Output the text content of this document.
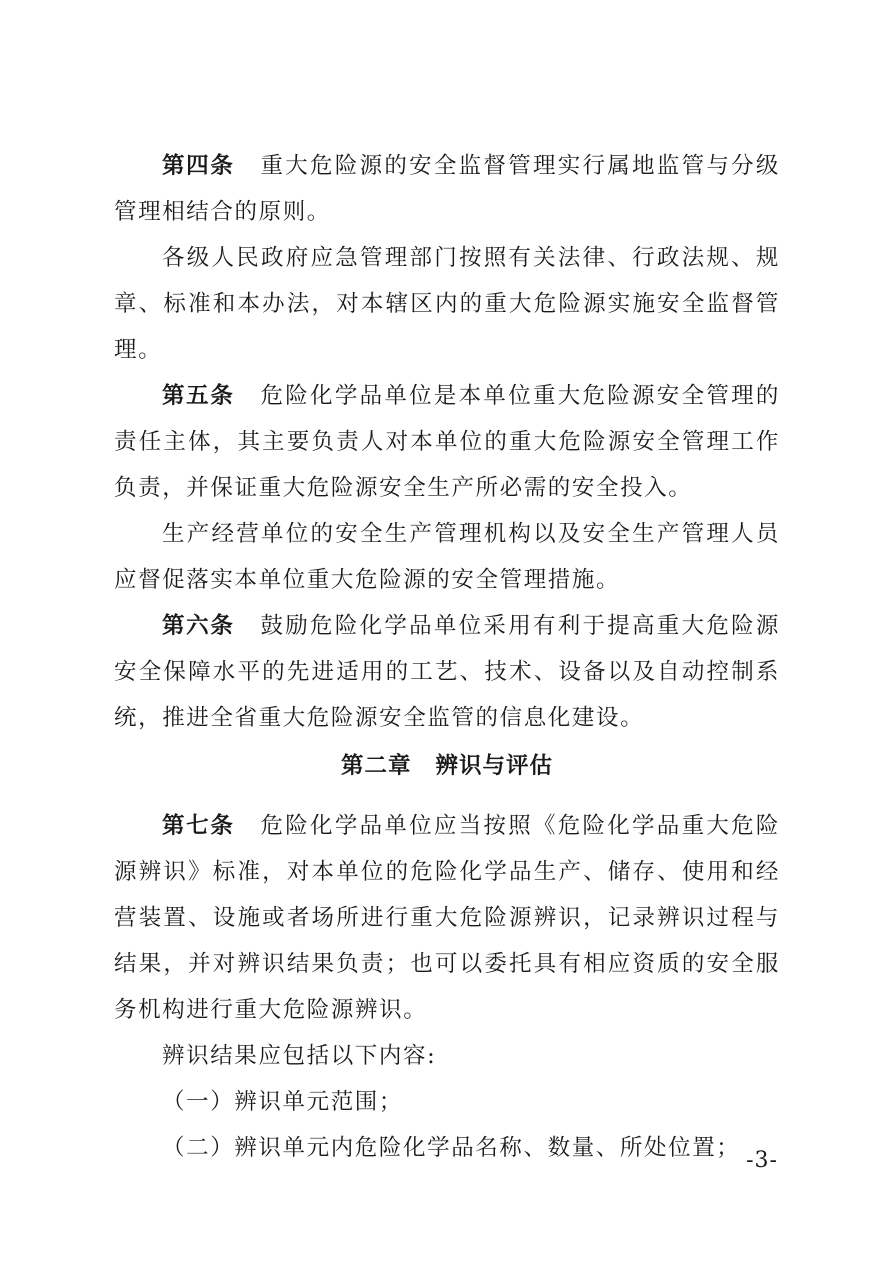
第四条 重大危险源的安全监督管理实行属地监管与分级管理相结合的原则。

各级人民政府应急管理部门按照有关法律、行政法规、规章、标准和本办法，对本辖区内的重大危险源实施安全监督管理。

第五条 危险化学品单位是本单位重大危险源安全管理的责任主体，其主要负责人对本单位的重大危险源安全管理工作负责，并保证重大危险源安全生产所必需的安全投入。

生产经营单位的安全生产管理机构以及安全生产管理人员应督促落实本单位重大危险源的安全管理措施。

第六条 鼓励危险化学品单位采用有利于提高重大危险源安全保障水平的先进适用的工艺、技术、设备以及自动控制系统，推进全省重大危险源安全监管的信息化建设。

第二章 辨识与评估

第七条 危险化学品单位应当按照《危险化学品重大危险源辨识》标准，对本单位的危险化学品生产、储存、使用和经营装置、设施或者场所进行重大危险源辨识，记录辨识过程与结果，并对辨识结果负责；也可以委托具有相应资质的安全服务机构进行重大危险源辨识。

辨识结果应包括以下内容:

（一）辨识单元范围；

（二）辨识单元内危险化学品名称、数量、所处位置； -3-
